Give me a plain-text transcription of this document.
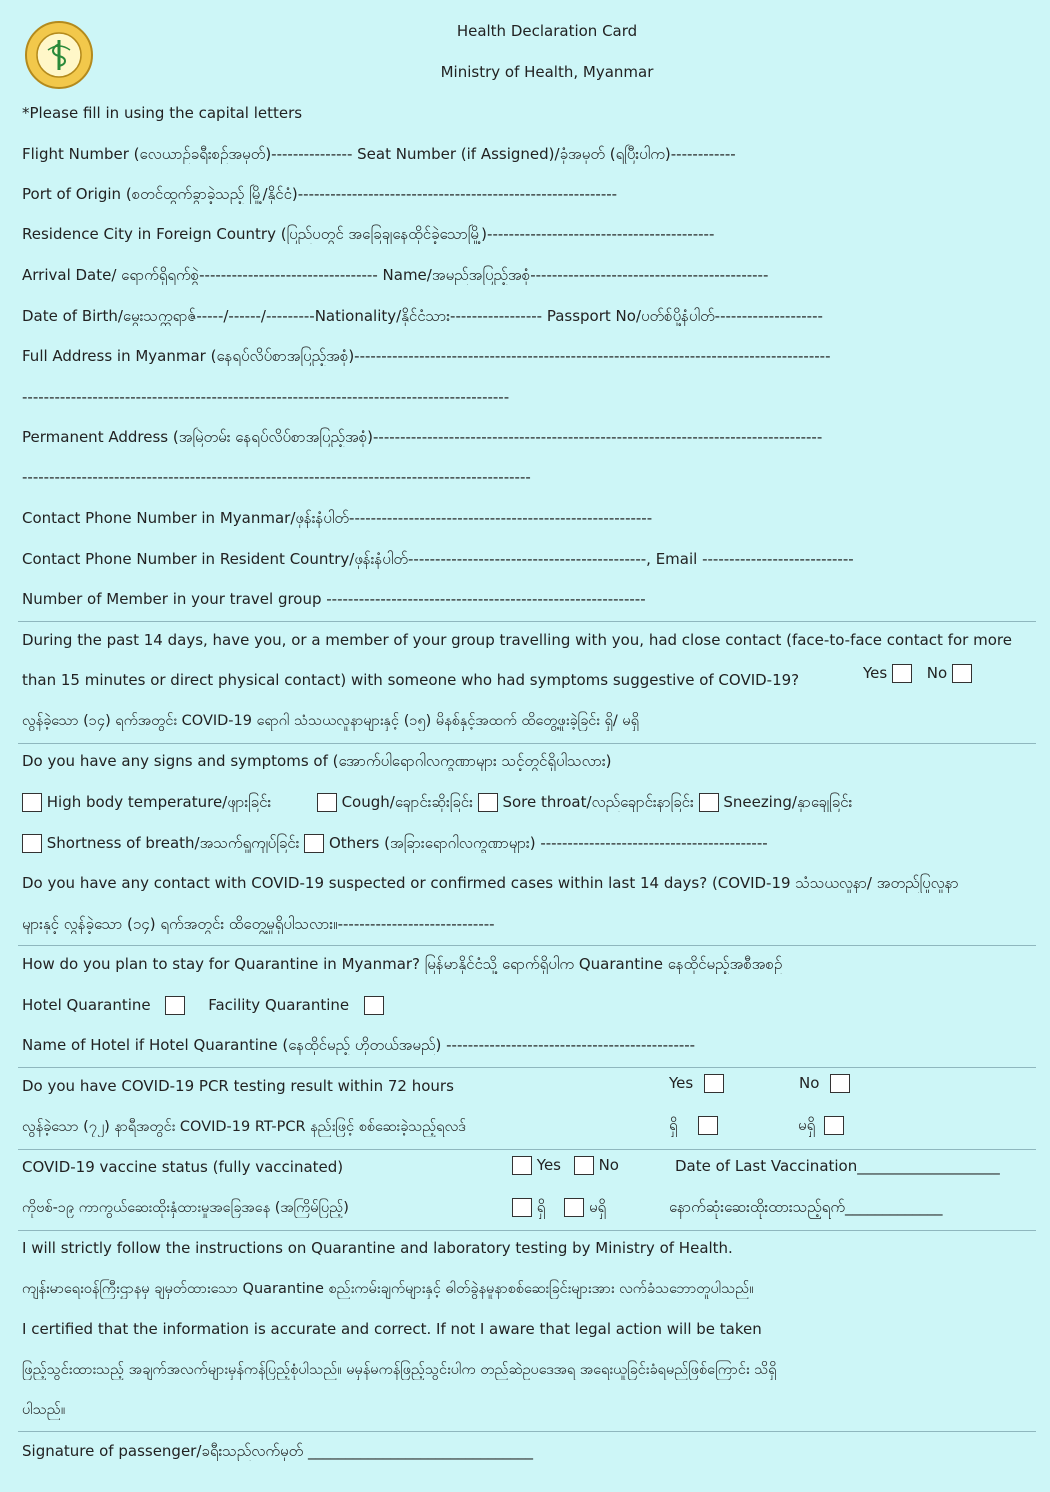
Health Declaration Card
Ministry of Health, Myanmar
*Please fill in using the capital letters
Flight Number (လေယာဉ်ခရီးစဉ်အမှတ်)--------------- Seat Number (if Assigned)/ခုံအမှတ် (ရပြီးပါက)------------
Port of Origin (စတင်ထွက်ခွာခဲ့သည့် မြို့/နိုင်ငံ)-----------------------------------------------------------
Residence City in Foreign Country (ပြည်ပတွင် အခြေချနေထိုင်ခဲ့သောမြို့)------------------------------------------
Arrival Date/ ရောက်ရှိရက်စွဲ--------------------------------- Name/အမည်အပြည့်အစုံ--------------------------------------------
Date of Birth/မွေးသက္ကရာဇ်-----/------/---------Nationality/နိုင်ငံသား----------------- Passport No/ပတ်စ်ပို့နံပါတ်--------------------
Full Address in Myanmar (နေရပ်လိပ်စာအပြည့်အစုံ)----------------------------------------------------------------------------------------
------------------------------------------------------------------------------------------
Permanent Address (အမြဲတမ်း နေရပ်လိပ်စာအပြည့်အစုံ)-----------------------------------------------------------------------------------
----------------------------------------------------------------------------------------------
Contact Phone Number in Myanmar/ဖုန်းနံပါတ်--------------------------------------------------------
Contact Phone Number in Resident Country/ဖုန်းနံပါတ်--------------------------------------------, Email ----------------------------
Number of Member in your travel group -----------------------------------------------------------
During the past 14 days, have you, or a member of your group travelling with you, had close contact (face-to-face contact for more
than 15 minutes or direct physical contact) with someone who had symptoms suggestive of COVID-19?	Yes	No
လွန်ခဲ့သော (၁၄) ရက်အတွင်း COVID-19 ရောဂါ သံသယလူနာများနှင့် (၁၅) မိနစ်နှင့်အထက် ထိတွေ့ဖူးခဲ့ခြင်း ရှိ/ မရှိ
Do you have any signs and symptoms of (အောက်ပါရောဂါလက္ခဏာများ သင့်တွင်ရှိပါသလား)
High body temperature/ဖျားခြင်း	Cough/ချောင်းဆိုးခြင်း Sore throat/လည်ချောင်းနာခြင်း Sneezing/နှာချေခြင်း
Shortness of breath/အသက်ရှူကျပ်ခြင်း Others (အခြားရောဂါလက္ခဏာများ) ------------------------------------------
Do you have any contact with COVID-19 suspected or confirmed cases within last 14 days? (COVID-19 သံသယလူနာ/ အတည်ပြုလူနာ
များနှင့် လွန်ခဲ့သော (၁၄) ရက်အတွင်း ထိတွေ့မှုရှိပါသလား။-----------------------------
How do you plan to stay for Quarantine in Myanmar? မြန်မာနိုင်ငံသို့ ရောက်ရှိပါက Quarantine နေထိုင်မည့်အစီအစဉ်
Hotel Quarantine	Facility Quarantine
Name of Hotel if Hotel Quarantine (နေထိုင်မည့် ဟိုတယ်အမည်) ----------------------------------------------
Do you have COVID-19 PCR testing result within 72 hours	Yes	No
လွန်ခဲ့သော (၇၂) နာရီအတွင်း COVID-19 RT-PCR နည်းဖြင့် စစ်ဆေးခဲ့သည့်ရလဒ်	ရှိ	မရှိ
COVID-19 vaccine status (fully vaccinated)	Yes	No	Date of Last Vaccination___________________
ကိုဗစ်-၁၉ ကာကွယ်ဆေးထိုးနှံထားမှုအခြေအနေ (အကြိမ်ပြည့်)	ရှိ	မရှိ	နောက်ဆုံးဆေးထိုးထားသည့်ရက်_____________
I will strictly follow the instructions on Quarantine and laboratory testing by Ministry of Health.
ကျန်းမာရေးဝန်ကြီးဌာနမှ ချမှတ်ထားသော Quarantine စည်းကမ်းချက်များနှင့် ဓါတ်ခွဲနမူနာစစ်ဆေးခြင်းများအား လက်ခံသဘောတူပါသည်။
I certified that the information is accurate and correct. If not I aware that legal action will be taken
ဖြည့်သွင်းထားသည့် အချက်အလက်များမှန်ကန်ပြည့်စုံပါသည်။ မမှန်မကန်ဖြည့်သွင်းပါက တည်ဆဲဥပဒေအရ အရေးယူခြင်းခံရမည်ဖြစ်ကြောင်း သိရှိ
ပါသည်။
Signature of passenger/ခရီးသည်လက်မှတ် ______________________________
